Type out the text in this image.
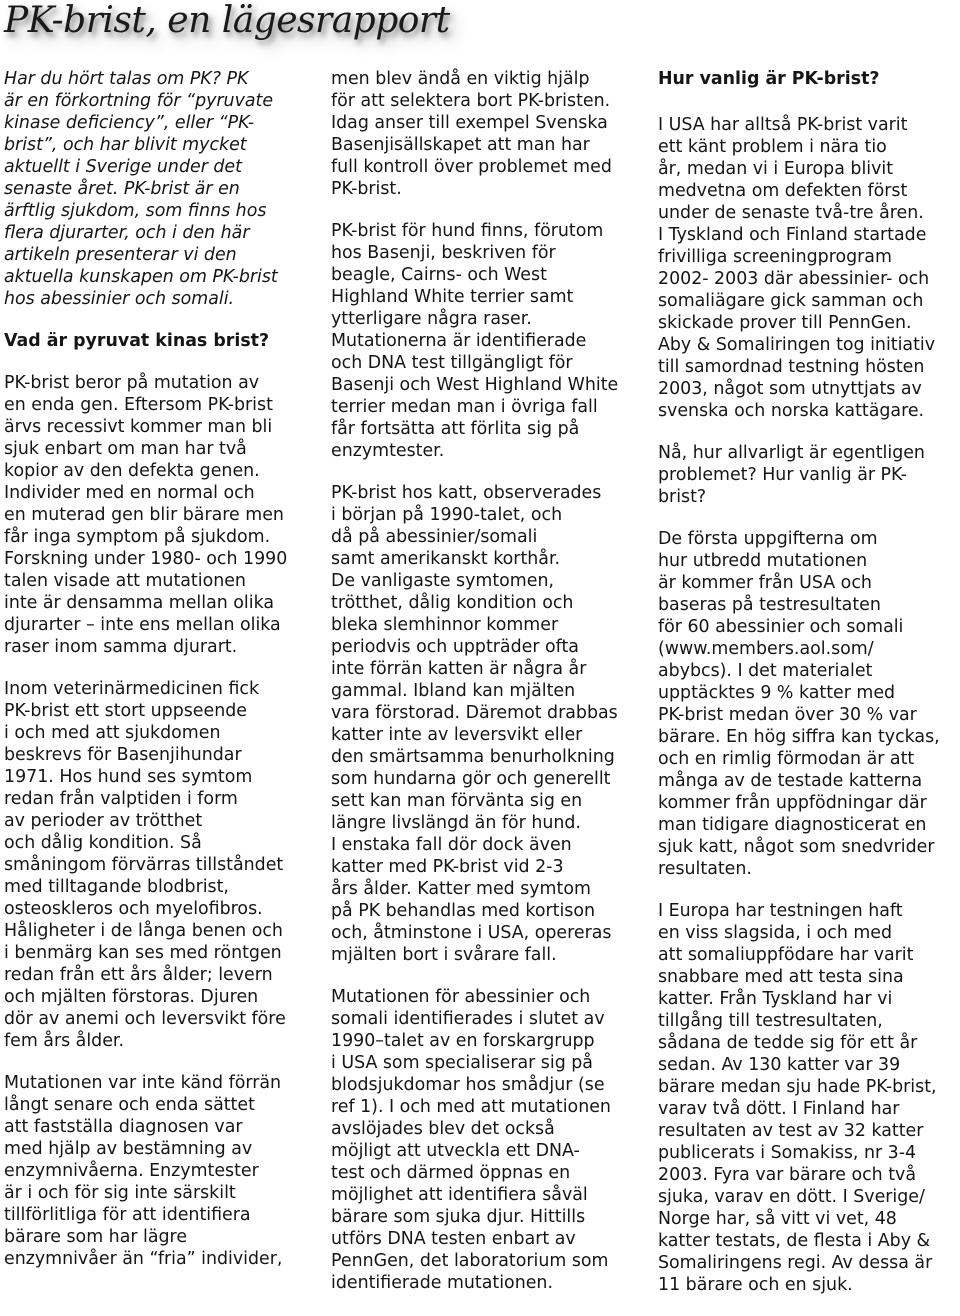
PK-brist, en lägesrapport

Har du hört talas om PK? PK
är en förkortning för “pyruvate
kinase deficiency”, eller “PK-
brist”, och har blivit mycket
aktuellt i Sverige under det
senaste året. PK-brist är en
ärftlig sjukdom, som finns hos
flera djurarter, och i den här
artikeln presenterar vi den
aktuella kunskapen om PK-brist
hos abessinier och somali.

Vad är pyruvat kinas brist?

PK-brist beror på mutation av
en enda gen. Eftersom PK-brist
ärvs recessivt kommer man bli
sjuk enbart om man har två
kopior av den defekta genen.
Individer med en normal och
en muterad gen blir bärare men
får inga symptom på sjukdom.
Forskning under 1980- och 1990
talen visade att mutationen
inte är densamma mellan olika
djurarter – inte ens mellan olika
raser inom samma djurart.

Inom veterinärmedicinen fick
PK-brist ett stort uppseende
i och med att sjukdomen
beskrevs för Basenjihundar
1971. Hos hund ses symtom
redan från valptiden i form
av perioder av trötthet
och dålig kondition. Så
småningom förvärras tillståndet
med tilltagande blodbrist,
osteoskleros och myelofibros.
Håligheter i de långa benen och
i benmärg kan ses med röntgen
redan från ett års ålder; levern
och mjälten förstoras. Djuren
dör av anemi och leversvikt före
fem års ålder.

Mutationen var inte känd förrän
långt senare och enda sättet
att fastställa diagnosen var
med hjälp av bestämning av
enzymnivåerna. Enzymtester
är i och för sig inte särskilt
tillförlitliga för att identifiera
bärare som har lägre
enzymnivåer än “fria” individer,

men blev ändå en viktig hjälp
för att selektera bort PK-bristen.
Idag anser till exempel Svenska
Basenjisällskapet att man har
full kontroll över problemet med
PK-brist.

PK-brist för hund finns, förutom
hos Basenji, beskriven för
beagle, Cairns- och West
Highland White terrier samt
ytterligare några raser.
Mutationerna är identifierade
och DNA test tillgängligt för
Basenji och West Highland White
terrier medan man i övriga fall
får fortsätta att förlita sig på
enzymtester.

PK-brist hos katt, observerades
i början på 1990-talet, och
då på abessinier/somali
samt amerikanskt korthår.
De vanligaste symtomen,
trötthet, dålig kondition och
bleka slemhinnor kommer
periodvis och uppträder ofta
inte förrän katten är några år
gammal. Ibland kan mjälten
vara förstorad. Däremot drabbas
katter inte av leversvikt eller
den smärtsamma benurholkning
som hundarna gör och generellt
sett kan man förvänta sig en
längre livslängd än för hund.
I enstaka fall dör dock även
katter med PK-brist vid 2-3
års ålder. Katter med symtom
på PK behandlas med kortison
och, åtminstone i USA, opereras
mjälten bort i svårare fall.

Mutationen för abessinier och
somali identifierades i slutet av
1990–talet av en forskargrupp
i USA som specialiserar sig på
blodsjukdomar hos smådjur (se
ref 1). I och med att mutationen
avslöjades blev det också
möjligt att utveckla ett DNA-
test och därmed öppnas en
möjlighet att identifiera såväl
bärare som sjuka djur. Hittills
utförs DNA testen enbart av
PennGen, det laboratorium som
identifierade mutationen.

Hur vanlig är PK-brist?

I USA har alltså PK-brist varit
ett känt problem i nära tio
år, medan vi i Europa blivit
medvetna om defekten först
under de senaste två-tre åren.
I Tyskland och Finland startade
frivilliga screeningprogram
2002- 2003 där abessinier- och
somaliägare gick samman och
skickade prover till PennGen.
Aby & Somaliringen tog initiativ
till samordnad testning hösten
2003, något som utnyttjats av
svenska och norska kattägare.

Nå, hur allvarligt är egentligen
problemet? Hur vanlig är PK-
brist?

De första uppgifterna om
hur utbredd mutationen
är kommer från USA och
baseras på testresultaten
för 60 abessinier och somali
(www.members.aol.som/
abybcs). I det materialet
upptäcktes 9 % katter med
PK-brist medan över 30 % var
bärare. En hög siffra kan tyckas,
och en rimlig förmodan är att
många av de testade katterna
kommer från uppfödningar där
man tidigare diagnosticerat en
sjuk katt, något som snedvrider
resultaten.

I Europa har testningen haft
en viss slagsida, i och med
att somaliuppfödare har varit
snabbare med att testa sina
katter. Från Tyskland har vi
tillgång till testresultaten,
sådana de tedde sig för ett år
sedan. Av 130 katter var 39
bärare medan sju hade PK-brist,
varav två dött. I Finland har
resultaten av test av 32 katter
publicerats i Somakiss, nr 3-4
2003. Fyra var bärare och två
sjuka, varav en dött. I Sverige/
Norge har, så vitt vi vet, 48
katter testats, de flesta i Aby &
Somaliringens regi. Av dessa är
11 bärare och en sjuk.
